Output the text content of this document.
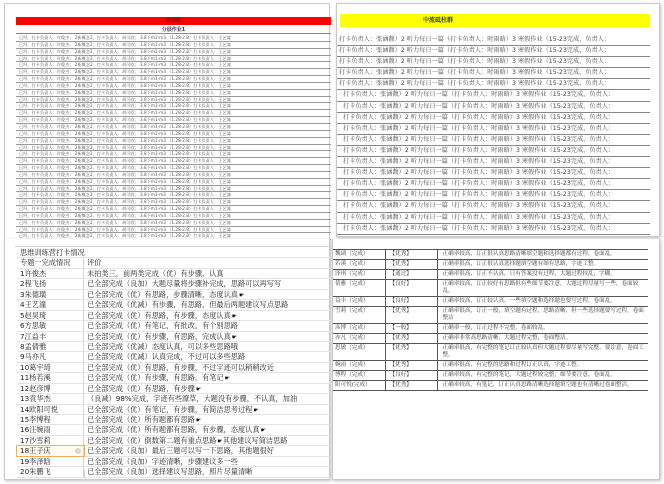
班级群
分层作业1
已经，打卡负责人：许俊杰； 2新概念2，打卡负责人：胡可欣； 3.8下m1-m3 （1.28-2.8）打卡负责人：王艺潼
已经，打卡负责人：许俊杰； 2新概念2，打卡负责人：胡可欣； 3.8下m1-m3 （1.28-2.8）打卡负责人：王艺潼
已经，打卡负责人：许俊杰； 2新概念2，打卡负责人：胡可欣； 3.8下m1-m3 （1.28-2.8）打卡负责人：王艺潼
已经，打卡负责人：许俊杰； 2新概念2，打卡负责人：胡可欣； 3.8下m1-m3 （1.28-2.8）打卡负责人：王艺潼
已经，打卡负责人：许俊杰； 2新概念2，打卡负责人：胡可欣； 3.8下m1-m3 （1.28-2.8）打卡负责人：王艺潼
已经，打卡负责人：许俊杰； 2新概念2，打卡负责人：胡可欣； 3.8下m1-m3 （1.28-2.8）打卡负责人：王艺潼
已经，打卡负责人：许俊杰； 2新概念2，打卡负责人：胡可欣； 3.8下m1-m3 （1.28-2.8）打卡负责人：王艺潼
已经，打卡负责人：许俊杰； 2新概念2，打卡负责人：胡可欣； 3.8下m1-m3 （1.28-2.8）打卡负责人：王艺潼
已经，打卡负责人：许俊杰； 2新概念2，打卡负责人：胡可欣； 3.8下m1-m3 （1.28-2.8）打卡负责人：王艺潼
已经，打卡负责人：许俊杰； 2新概念2，打卡负责人：胡可欣； 3.8下m1-m3 （1.28-2.8）打卡负责人：王艺潼
已经，打卡负责人：许俊杰； 2新概念2，打卡负责人：胡可欣； 3.8下m1-m3 （1.28-2.8）打卡负责人：王艺潼
已经，打卡负责人：许俊杰； 2新概念2，打卡负责人：胡可欣； 3.8下m1-m3 （1.28-2.8）打卡负责人：王艺潼
已经，打卡负责人：许俊杰； 2新概念2，打卡负责人：胡可欣； 3.8下m1-m3 （1.28-2.8）打卡负责人：王艺潼
已经，打卡负责人：许俊杰； 2新概念2，打卡负责人：胡可欣； 3.8下m1-m3 （1.28-2.8）打卡负责人：王艺潼
已经，打卡负责人：许俊杰； 2新概念2，打卡负责人：胡可欣； 3.8下m1-m3 （1.28-2.8）打卡负责人：王艺潼
已经，打卡负责人：许俊杰； 2新概念2，打卡负责人：胡可欣； 3.8下m1-m3 （1.28-2.8）打卡负责人：王艺潼
已经，打卡负责人：许俊杰； 2新概念2，打卡负责人：胡可欣； 3.8下m1-m3 （1.28-2.8）打卡负责人：王艺潼
已经，打卡负责人：许俊杰； 2新概念2，打卡负责人：胡可欣； 3.8下m1-m3 （1.28-2.8）打卡负责人：王艺潼
已经，打卡负责人：许俊杰； 2新概念2，打卡负责人：胡可欣； 3.8下m1-m3 （1.28-2.8）打卡负责人：王艺潼
已经，打卡负责人：许俊杰； 2新概念2，打卡负责人：胡可欣； 3.8下m1-m3 （1.28-2.8）打卡负责人：王艺潼
已经，打卡负责人：许俊杰； 2新概念2，打卡负责人：胡可欣； 3.8下m1-m3 （1.28-2.8）打卡负责人：王艺潼
已经，打卡负责人：许俊杰； 2新概念2，打卡负责人：胡可欣； 3.8下m1-m3 （1.28-2.8）打卡负责人：王艺潼
已经，打卡负责人：许俊杰； 2新概念2，打卡负责人：胡可欣； 3.8下m1-m3 （1.28-2.8）打卡负责人：王艺潼
已经，打卡负责人：许俊杰； 2新概念2，打卡负责人：胡可欣； 3.8下m1-m3 （1.28-2.8）打卡负责人：王艺潼
已经，打卡负责人：许俊杰； 2新概念2，打卡负责人：胡可欣； 3.8下m1-m3 （1.28-2.8）打卡负责人：王艺潼
已经，打卡负责人：许俊杰； 2新概念2，打卡负责人：胡可欣； 3.8下m1-m3 （1.28-2.8）打卡负责人：王艺潼
已经，打卡负责人：许俊杰； 2新概念2，打卡负责人：胡可欣； 3.8下m1-m3 （1.28-2.8）打卡负责人：王艺潼
已经，打卡负责人：许俊杰； 2新概念2，打卡负责人：胡可欣； 3.8下m1-m3 （1.28-2.8）打卡负责人：王艺潼
已经，打卡负责人：许俊杰； 2新概念2，打卡负责人：胡可欣； 3.8下m1-m3 （1.28-2.8）打卡负责人：王艺潼
已经，打卡负责人：许俊杰； 2新概念2，打卡负责人：胡可欣； 3.8下m1-m3 （1.28-2.8）打卡负责人：王艺潼
中流砥柱群
打卡负责人：张涵馥）2 听力每日一篇（打卡负责人：时雨晗）3 寒假作业（15-23完成，负责人：
打卡负责人：张涵馥）2 听力每日一篇（打卡负责人：时雨晗）3 寒假作业（15-23完成，负责人：
打卡负责人：张涵馥）2 听力每日一篇（打卡负责人：时雨晗）3 寒假作业（15-23完成，负责人：
打卡负责人：张涵馥）2 听力每日一篇（打卡负责人：时雨晗）3 寒假作业（15-23完成，负责人：
打卡负责人：张涵馥）2 听力每日一篇（打卡负责人：时雨晗）3 寒假作业（15-23完成，负责人：
打卡负责人：张涵馥）2 听力每日一篇（打卡负责人：时雨晗）3 寒假作业（15-23完成，负责人：
打卡负责人：张涵馥）2 听力每日一篇（打卡负责人：时雨晗）3 寒假作业（15-23完成，负责人：
打卡负责人：张涵馥）2 听力每日一篇（打卡负责人：时雨晗）3 寒假作业（15-23完成，负责人：
打卡负责人：张涵馥）2 听力每日一篇（打卡负责人：时雨晗）3 寒假作业（15-23完成，负责人：
打卡负责人：张涵馥）2 听力每日一篇（打卡负责人：时雨晗）3 寒假作业（15-23完成，负责人：
打卡负责人：张涵馥）2 听力每日一篇（打卡负责人：时雨晗）3 寒假作业（15-23完成，负责人：
打卡负责人：张涵馥）2 听力每日一篇（打卡负责人：时雨晗）3 寒假作业（15-23完成，负责人：
打卡负责人：张涵馥）2 听力每日一篇（打卡负责人：时雨晗）3 寒假作业（15-23完成，负责人：
打卡负责人：张涵馥）2 听力每日一篇（打卡负责人：时雨晗）3 寒假作业（15-23完成，负责人：
打卡负责人：张涵馥）2 听力每日一篇（打卡负责人：时雨晗）3 寒假作业（15-23完成，负责人：
打卡负责人：张涵馥）2 听力每日一篇（打卡负责人：时雨晗）3 寒假作业（15-23完成，负责人：
打卡负责人：张涵馥）2 听力每日一篇（打卡负责人：时雨晗）3 寒假作业（15-23完成，负责人：
打卡负责人：张涵馥）2 听力每日一篇（打卡负责人：时雨晗）3 寒假作业（15-23完成，负责人：
思维训练营打卡情况
专题一完成情况	评价
1许俊杰	未拍类三，前两类完成（优）有步骤，认真
2程飞扬	已全部完成（良加）大题尽量将步骤补完成，思路可以再写写
3朱德璜	已全部完成（优）有思路，步骤清晰，态度认真☛
4王艺潼	已全部完成（优减）有步骤，有思路，但最后两题建议写点思路
5赵昊琦	已全部完成（优）有思路，有步骤，态度认真☛
6方思敏	已全部完成（优）有笔记，有批改，有个别思路
7江益丰	已全部完成（优）有步骤，有思路，完成认真☛
8孟倩雅	已全部完成（优减）态度认真，可以多些思路哦
9马亦凡	已全部完成（优减）认真完成，不过可以多些思路
10葛宇琦	已全部完成（优）有思路，有步骤，不过字迹可以稍稍改近
11杨若溪	已全部完成（优）有步骤，有思路，有笔记☛
12赵彦博	已全部完成（优）有思路，有步骤☛
13袁华杰	（良减）98%完成，字迹有些潦草，大题没有步骤，不认真，加油
14欧阳可悦	已全部完成（优）有笔记，有步骤，有简洁思考过程☛
15李博程	已全部完成（优）所有题都有思路☛
16汪婉雨	已全部完成（优）所有题都有思路，有步骤，态度认真☛
17沙雪莉	已全部完成（优）倒数第二题有重点思路☛其他建议写简洁思路
18王子庆	已全部完成（良加）最后三题可以写一下思路，其他题很好
19李泽晗	已全部完成（良加）字迹清晰，步骤建议多一些
20朱鹏飞	已全部完成（良加）选择建议写思路，照片尽量清晰
魏璃（完成）	【优秀】	正确率较高，订正很认真思路清晰填空题和选择题都有过程，卷面乱。
若溪（完成）	【优秀】	正确率很高，订正很认真选择题填空题有图有思路，字迹工整。
泽琪（完成）	【通过】	正确率很高，订正不认真，只有答案没有过程，大题过程较乱，字糊。
倩雅（完成）	【良好】	正确率较高，订正较好有思路但有些细节要注意，大题过程尽量写一些，卷面较乱。
益丰（完成）	【良好】	正确率较高，订正较认真，一些填空题和选择题也要写过程，卷面乱。
雪莉（完成）	【优秀】	正确率很高，订正一般，填空题有过程，思路清晰，但一些选择题要写过程，卷面整洁
彦博（完成）	【一般】	正确率一般，订正过程不完整，卷面较乱。
亦凡（完成）	【优秀】	正确率非常高思路清晰，大题过程完整，卷面整洁。
思敏（完成）	【优秀】	正确率很高，有完整的笔记订正较认真但大题过程要尽量写完整，要注意，卷面工整。
婉雨（完成）	【优秀】	正确率很高，有完整的思路和过程订正认真，字迹工整。
博程（完成）	【良好】	正确率较高，有完整的笔记，大题过程较完整，细节要注意，卷面乱。
阳可悦(完成）	【优秀】	正确率较高，有笔记，订正认真思路清晰选择题填空题也有清晰过卷面整洁。
